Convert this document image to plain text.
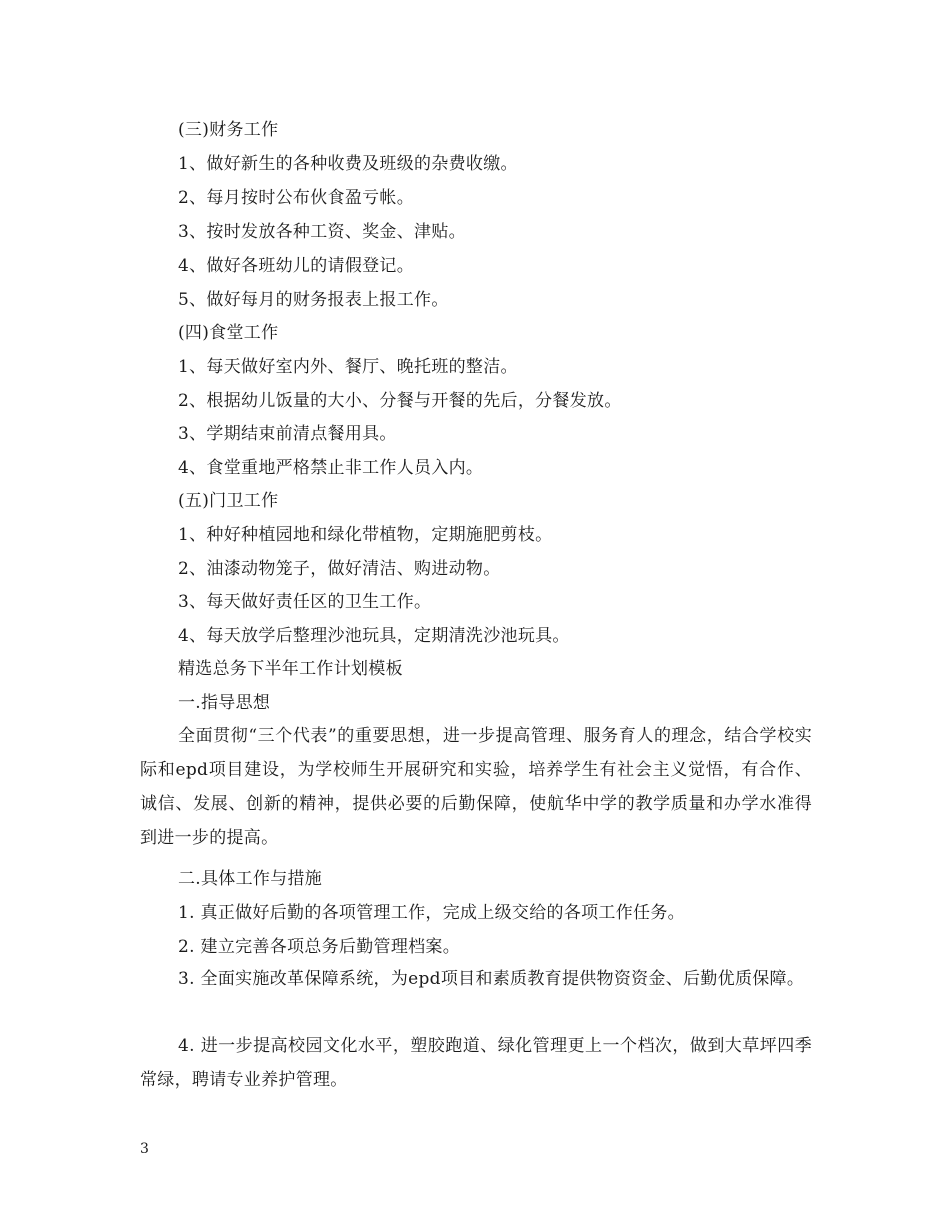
(三)财务工作
1、做好新生的各种收费及班级的杂费收缴。
2、每月按时公布伙食盈亏帐。
3、按时发放各种工资、奖金、津贴。
4、做好各班幼儿的请假登记。
5、做好每月的财务报表上报工作。
(四)食堂工作
1、每天做好室内外、餐厅、晚托班的整洁。
2、根据幼儿饭量的大小、分餐与开餐的先后，分餐发放。
3、学期结束前清点餐用具。
4、食堂重地严格禁止非工作人员入内。
(五)门卫工作
1、种好种植园地和绿化带植物，定期施肥剪枝。
2、油漆动物笼子，做好清洁、购进动物。
3、每天做好责任区的卫生工作。
4、每天放学后整理沙池玩具，定期清洗沙池玩具。
精选总务下半年工作计划模板
一.指导思想
全面贯彻“三个代表”的重要思想，进一步提高管理、服务育人的理念，结合学校实际和epd项目建设，为学校师生开展研究和实验，培养学生有社会主义觉悟，有合作、诚信、发展、创新的精神，提供必要的后勤保障，使航华中学的教学质量和办学水准得到进一步的提高。
二.具体工作与措施
1. 真正做好后勤的各项管理工作，完成上级交给的各项工作任务。
2. 建立完善各项总务后勤管理档案。
3. 全面实施改革保障系统，为epd项目和素质教育提供物资资金、后勤优质保障。
4. 进一步提高校园文化水平，塑胶跑道、绿化管理更上一个档次，做到大草坪四季常绿，聘请专业养护管理。
3
